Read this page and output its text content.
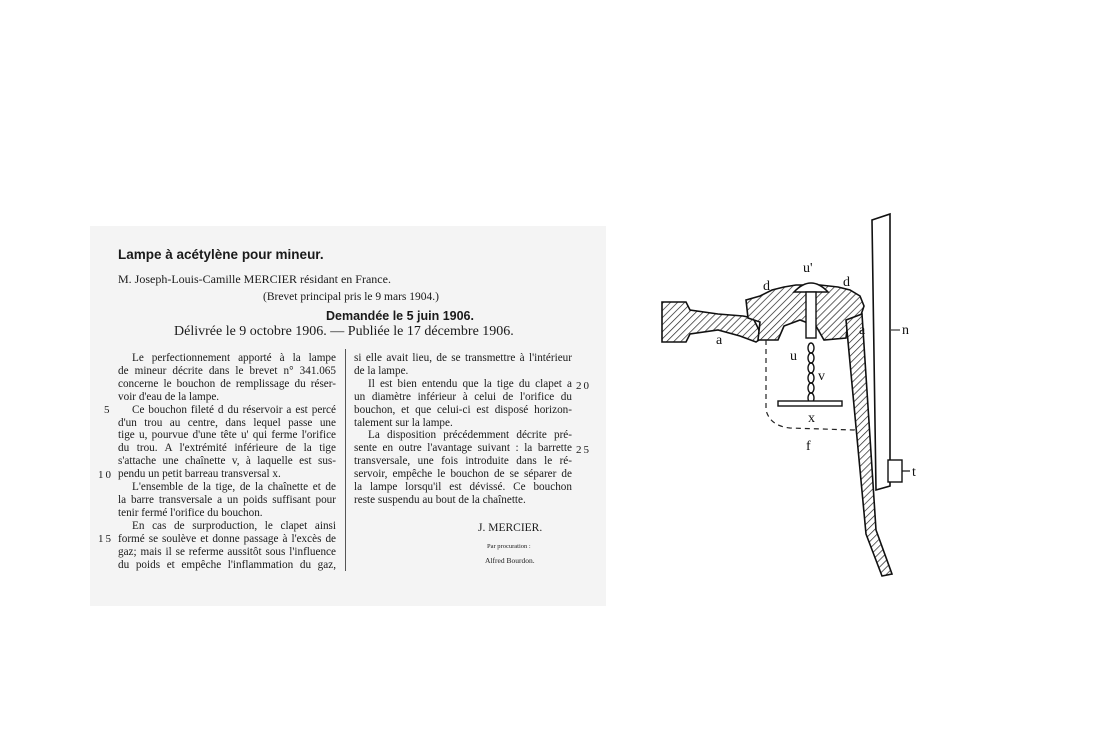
Lampe à acétylène pour mineur.
M. Joseph-Louis-Camille MERCIER résidant en France.
(Brevet principal pris le 9 mars 1904.)
Demandée le 5 juin 1906.
Délivrée le 9 octobre 1906. — Publiée le 17 décembre 1906.

Le perfectionnement apporté à la lampe

de mineur décrite dans le brevet n° 341.065

concerne le bouchon de remplissage du réser-

voir d'eau de la lampe.

Ce bouchon fileté d du réservoir a est percé

d'un trou au centre, dans lequel passe une

tige u, pourvue d'une tête u' qui ferme l'orifice

du trou. A l'extrémité inférieure de la tige

s'attache une chaînette v, à laquelle est sus-

pendu un petit barreau transversal x.

L'ensemble de la tige, de la chaînette et de

la barre transversale a un poids suffisant pour

tenir fermé l'orifice du bouchon.

En cas de surproduction, le clapet ainsi

formé se soulève et donne passage à l'excès de

gaz; mais il se referme aussitôt sous l'influence

du poids et empêche l'inflammation du gaz,

si elle avait lieu, de se transmettre à l'intérieur

de la lampe.

Il est bien entendu que la tige du clapet a

un diamètre inférieur à celui de l'orifice du

bouchon, et que celui-ci est disposé horizon-

talement sur la lampe.

La disposition précédemment décrite pré-

sente en outre l'avantage suivant : la barrette

transversale, une fois introduite dans le ré-

servoir, empêche le bouchon de se séparer de

la lampe lorsqu'il est dévissé. Ce bouchon

reste suspendu au bout de la chaînette.

5
10
15
20
25
J. MERCIER.
Par procuration :
Alfred Bourdon.
u'
d	d
a
a	n
u
v
x
f
t
